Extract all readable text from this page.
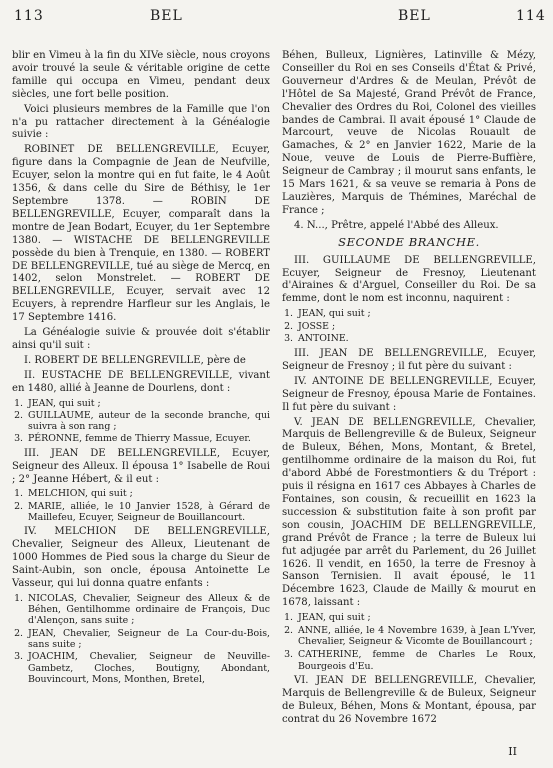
113	BEL	BEL	114

blir en Vimeu à la fin du XIVe siècle, nous croyons avoir trouvé la seule & véritable origine de cette famille qui occupa en Vimeu, pendant deux siècles, une fort belle position.

Voici plusieurs membres de la Famille que l'on n'a pu rattacher directement à la Généalogie suivie :

ROBINET DE BELLENGREVILLE, Ecuyer, figure dans la Compagnie de Jean de Neufville, Ecuyer, selon la montre qui en fut faite, le 4 Août 1356, & dans celle du Sire de Béthisy, le 1er Septembre 1378. — ROBIN DE BELLENGREVILLE, Ecuyer, comparaît dans la montre de Jean Bodart, Ecuyer, du 1er Septembre 1380. — WISTACHE DE BELLENGREVILLE possède du bien à Trenquie, en 1380. — ROBERT DE BELLENGREVILLE, tué au siège de Mercq, en 1402, selon Monstrelet. — ROBERT DE BELLENGREVILLE, Ecuyer, servait avec 12 Ecuyers, à reprendre Harfleur sur les Anglais, le 17 Septembre 1416.

La Généalogie suivie & prouvée doit s'établir ainsi qu'il suit :

I. ROBERT DE BELLENGREVILLE, père de

II. EUSTACHE DE BELLENGREVILLE, vivant en 1480, allié à Jeanne de Dourlens, dont :

1. JEAN, qui suit ;
2. GUILLAUME, auteur de la seconde branche, qui suivra à son rang ;
3. PÉRONNE, femme de Thierry Massue, Ecuyer.

III. JEAN DE BELLENGREVILLE, Ecuyer, Seigneur des Alleux. Il épousa 1° Isabelle de Roui ; 2° Jeanne Hébert, & il eut :

1. MELCHION, qui suit ;
2. MARIE, alliée, le 10 Janvier 1528, à Gérard de Maillefeu, Ecuyer, Seigneur de Bouillancourt.

IV. MELCHION DE BELLENGREVILLE, Chevalier, Seigneur des Alleux, Lieutenant de 1000 Hommes de Pied sous la charge du Sieur de Saint-Aubin, son oncle, épousa Antoinette Le Vasseur, qui lui donna quatre enfants :

1. NICOLAS, Chevalier, Seigneur des Alleux & de Béhen, Gentilhomme ordinaire de François, Duc d'Alençon, sans suite ;
2. JEAN, Chevalier, Seigneur de La Cour-du-Bois, sans suite ;
3. JOACHIM, Chevalier, Seigneur de Neuville-Gambetz, Cloches, Boutigny, Abondant, Bouvincourt, Mons, Monthen, Bretel,

Béhen, Bulleux, Lignières, Latinville & Mézy, Conseiller du Roi en ses Conseils d'État & Privé, Gouverneur d'Ardres & de Meulan, Prévôt de l'Hôtel de Sa Majesté, Grand Prévôt de France, Chevalier des Ordres du Roi, Colonel des vieilles bandes de Cambrai. Il avait épousé 1° Claude de Marcourt, veuve de Nicolas Rouault de Gamaches, & 2° en Janvier 1622, Marie de la Noue, veuve de Louis de Pierre-Buffière, Seigneur de Cambray ; il mourut sans enfants, le 15 Mars 1621, & sa veuve se remaria à Pons de Lauzières, Marquis de Thémines, Maréchal de France ;

4. N..., Prêtre, appelé l'Abbé des Alleux.

SECONDE BRANCHE.

III. GUILLAUME DE BELLENGREVILLE, Ecuyer, Seigneur de Fresnoy, Lieutenant d'Airaines & d'Arguel, Conseiller du Roi. De sa femme, dont le nom est inconnu, naquirent :

1. JEAN, qui suit ;
2. JOSSE ;
3. ANTOINE.

III. JEAN DE BELLENGREVILLE, Ecuyer, Seigneur de Fresnoy ; il fut père du suivant :

IV. ANTOINE DE BELLENGREVILLE, Ecuyer, Seigneur de Fresnoy, épousa Marie de Fontaines. Il fut père du suivant :

V. JEAN DE BELLENGREVILLE, Chevalier, Marquis de Bellengreville & de Buleux, Seigneur de Buleux, Béhen, Mons, Montant, & Bretel, gentilhomme ordinaire de la maison du Roi, fut d'abord Abbé de Forestmontiers & du Tréport : puis il résigna en 1617 ces Abbayes à Charles de Fontaines, son cousin, & recueillit en 1623 la succession & substitution faite à son profit par son cousin, JOACHIM DE BELLENGREVILLE, grand Prévôt de France ; la terre de Buleux lui fut adjugée par arrêt du Parlement, du 26 Juillet 1626. Il vendit, en 1650, la terre de Fresnoy à Sanson Ternisien. Il avait épousé, le 11 Décembre 1623, Claude de Mailly & mourut en 1678, laissant :

1. JEAN, qui suit ;
2. ANNE, alliée, le 4 Novembre 1639, à Jean L'Yver, Chevalier, Seigneur & Vicomte de Bouillancourt ;
3. CATHERINE, femme de Charles Le Roux, Bourgeois d'Eu.

VI. JEAN DE BELLENGREVILLE, Chevalier, Marquis de Bellengreville & de Buleux, Seigneur de Buleux, Béhen, Mons & Montant, épousa, par contrat du 26 Novembre 1672

II
